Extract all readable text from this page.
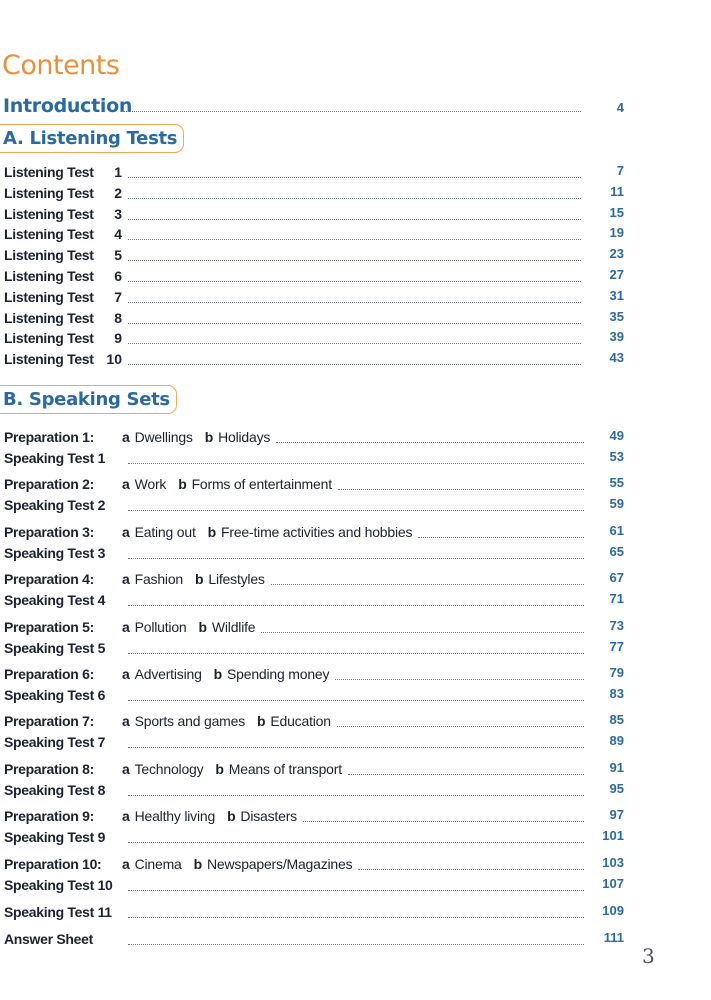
Contents
Introduction	4
A. Listening Tests
Listening Test	1	7
Listening Test	2	11
Listening Test	3	15
Listening Test	4	19
Listening Test	5	23
Listening Test	6	27
Listening Test	7	31
Listening Test	8	35
Listening Test	9	39
Listening Test 10	43
B. Speaking Sets
Preparation 1: a Dwellings b Holidays	49
Speaking Test 1	53
Preparation 2: a Work b Forms of entertainment	55
Speaking Test 2	59
Preparation 3: a Eating out b Free-time activities and hobbies	61
Speaking Test 3	65
Preparation 4: a Fashion b Lifestyles	67
Speaking Test 4	71
Preparation 5: a Pollution b Wildlife	73
Speaking Test 5	77
Preparation 6: a Advertising b Spending money	79
Speaking Test 6	83
Preparation 7: a Sports and games b Education	85
Speaking Test 7	89
Preparation 8: a Technology b Means of transport	91
Speaking Test 8	95
Preparation 9: a Healthy living b Disasters	97
Speaking Test 9	101
Preparation 10: a Cinema b Newspapers/Magazines	103
Speaking Test 10	107
Speaking Test 11	109
Answer Sheet	111
3
